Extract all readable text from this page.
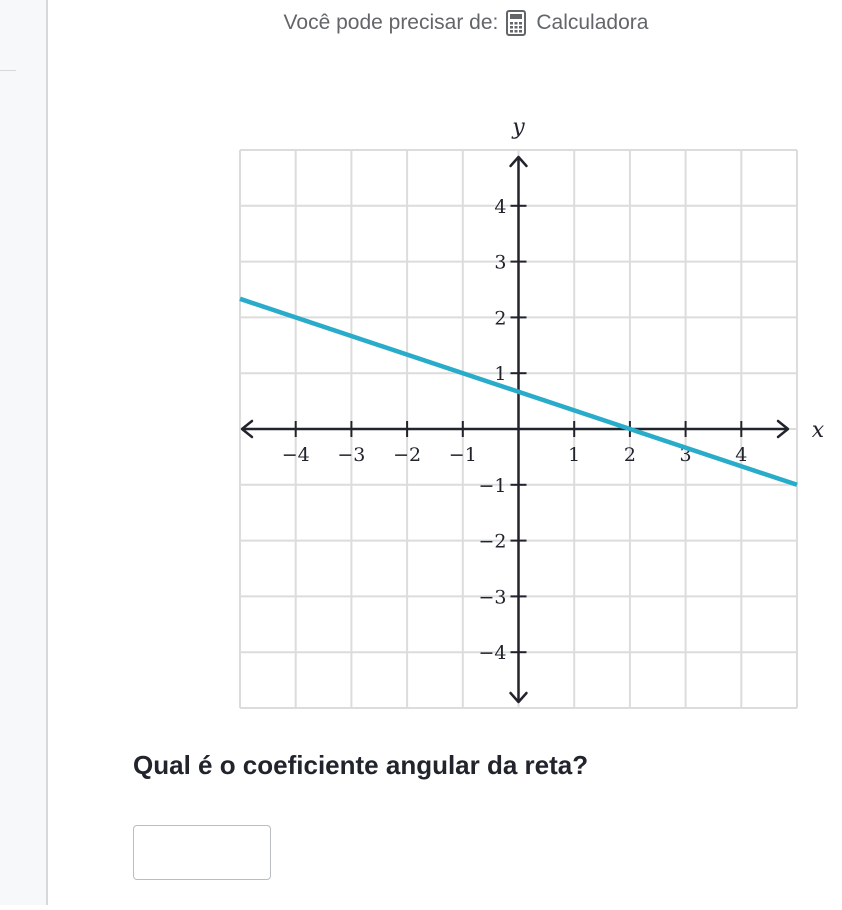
Você pode precisar de: Calculadora
−4 −3 −2 −1	1 2 3 4
4
3
2
1
−1
−2
−3
−4
x
y

Qual é o coeficiente angular da reta?
